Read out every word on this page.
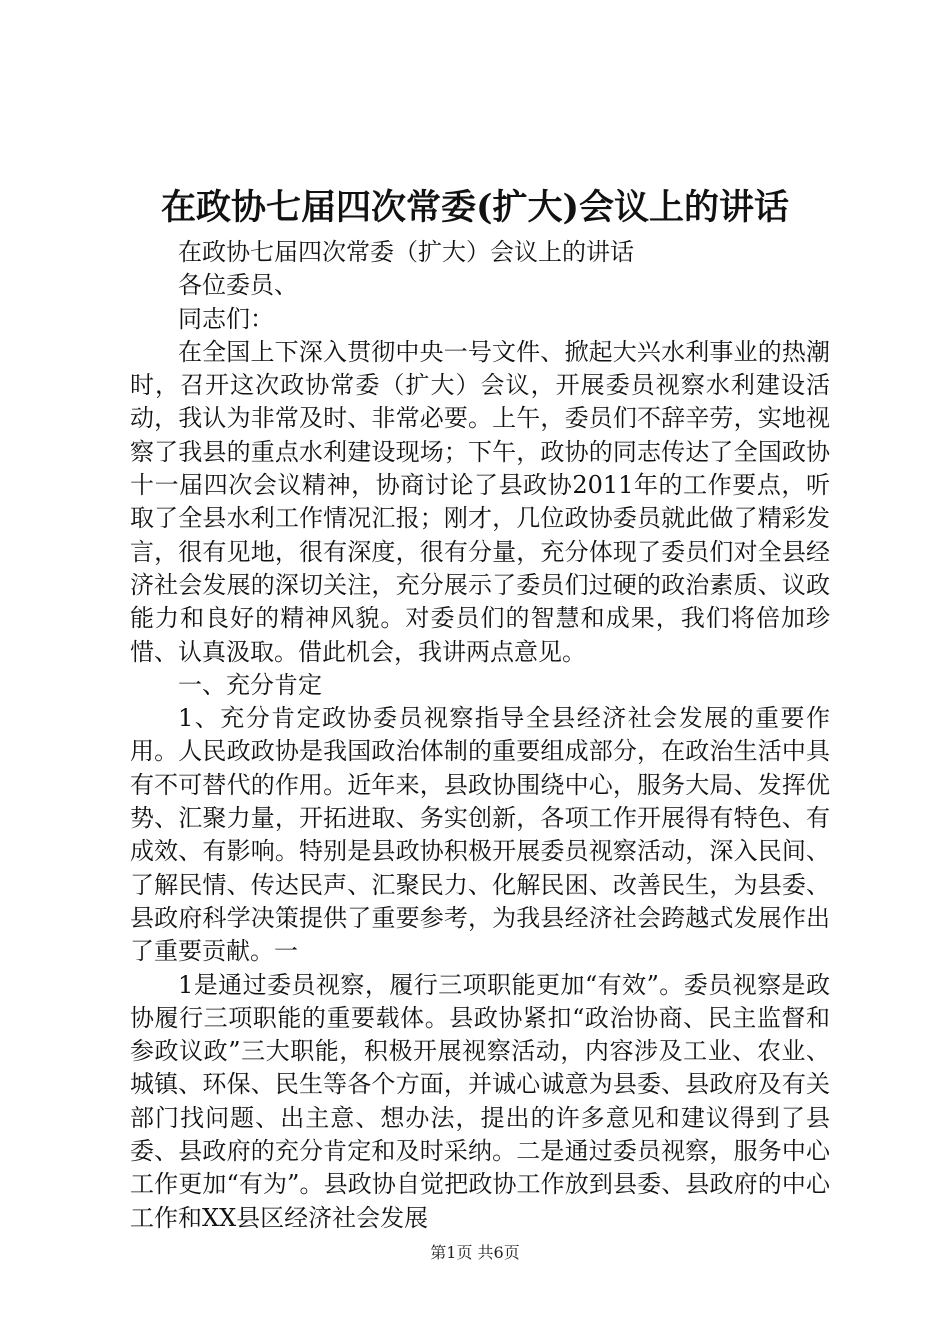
在政协七届四次常委(扩大)会议上的讲话

在政协七届四次常委（扩大）会议上的讲话

各位委员、

同志们：

在全国上下深入贯彻中央一号文件、掀起大兴水利事业的热潮时，召开这次政协常委（扩大）会议，开展委员视察水利建设活动，我认为非常及时、非常必要。上午，委员们不辞辛劳，实地视察了我县的重点水利建设现场；下午，政协的同志传达了全国政协十一届四次会议精神，协商讨论了县政协2011年的工作要点，听取了全县水利工作情况汇报；刚才，几位政协委员就此做了精彩发言，很有见地，很有深度，很有分量，充分体现了委员们对全县经济社会发展的深切关注，充分展示了委员们过硬的政治素质、议政能力和良好的精神风貌。对委员们的智慧和成果，我们将倍加珍惜、认真汲取。借此机会，我讲两点意见。

一、充分肯定

1、充分肯定政协委员视察指导全县经济社会发展的重要作用。人民政政协是我国政治体制的重要组成部分，在政治生活中具有不可替代的作用。近年来，县政协围绕中心，服务大局、发挥优势、汇聚力量，开拓进取、务实创新，各项工作开展得有特色、有成效、有影响。特别是县政协积极开展委员视察活动，深入民间、了解民情、传达民声、汇聚民力、化解民困、改善民生，为县委、县政府科学决策提供了重要参考，为我县经济社会跨越式发展作出了重要贡献。一

1是通过委员视察，履行三项职能更加“有效”。委员视察是政协履行三项职能的重要载体。县政协紧扣“政治协商、民主监督和参政议政”三大职能，积极开展视察活动，内容涉及工业、农业、城镇、环保、民生等各个方面，并诚心诚意为县委、县政府及有关部门找问题、出主意、想办法，提出的许多意见和建议得到了县委、县政府的充分肯定和及时采纳。二是通过委员视察，服务中心工作更加“有为”。县政协自觉把政协工作放到县委、县政府的中心工作和XX县区经济社会发展

第1页 共6页
